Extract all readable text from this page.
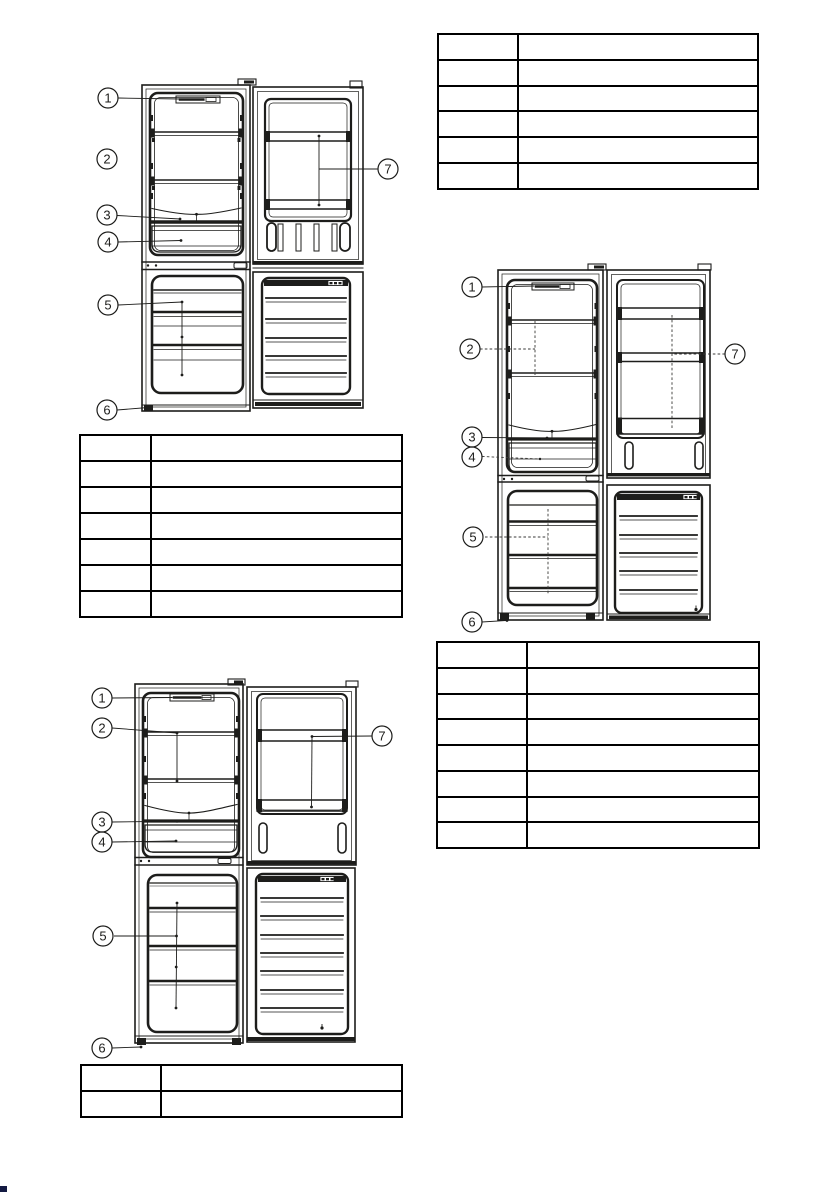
1
2
3
4
5
6
7
1
2
3
4
5
6
7
1
2
3
4
5
6
7
